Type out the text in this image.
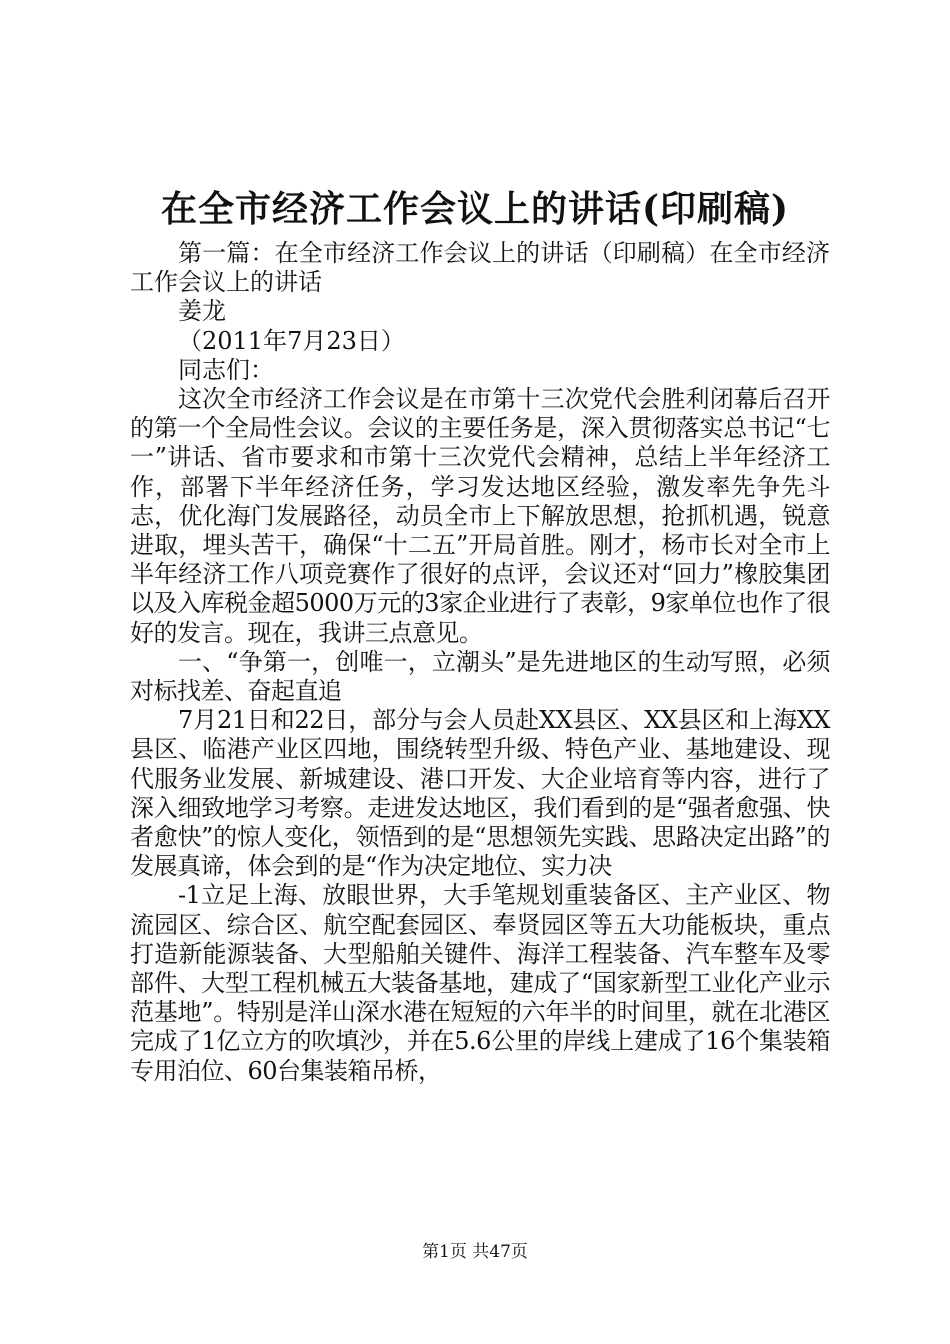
在全市经济工作会议上的讲话(印刷稿)

第一篇：在全市经济工作会议上的讲话（印刷稿）在全市经济工作会议上的讲话

姜龙

（2011年7月23日）

同志们：

这次全市经济工作会议是在市第十三次党代会胜利闭幕后召开的第一个全局性会议。会议的主要任务是，深入贯彻落实总书记“七一”讲话、省市要求和市第十三次党代会精神，总结上半年经济工作，部署下半年经济任务，学习发达地区经验，激发率先争先斗志，优化海门发展路径，动员全市上下解放思想，抢抓机遇，锐意进取，埋头苦干，确保“十二五”开局首胜。刚才，杨市长对全市上半年经济工作八项竞赛作了很好的点评，会议还对“回力”橡胶集团以及入库税金超5000万元的3家企业进行了表彰，9家单位也作了很好的发言。现在，我讲三点意见。

一、“争第一，创唯一，立潮头”是先进地区的生动写照，必须对标找差、奋起直追

7月21日和22日，部分与会人员赴XX县区、XX县区和上海XX县区、临港产业区四地，围绕转型升级、特色产业、基地建设、现代服务业发展、新城建设、港口开发、大企业培育等内容，进行了深入细致地学习考察。走进发达地区，我们看到的是“强者愈强、快者愈快”的惊人变化，领悟到的是“思想领先实践、思路决定出路”的发展真谛，体会到的是“作为决定地位、实力决

-1立足上海、放眼世界，大手笔规划重装备区、主产业区、物流园区、综合区、航空配套园区、奉贤园区等五大功能板块，重点打造新能源装备、大型船舶关键件、海洋工程装备、汽车整车及零部件、大型工程机械五大装备基地，建成了“国家新型工业化产业示范基地”。特别是洋山深水港在短短的六年半的时间里，就在北港区完成了1亿立方的吹填沙，并在5.6公里的岸线上建成了16个集装箱专用泊位、60台集装箱吊桥，

第1页 共47页
